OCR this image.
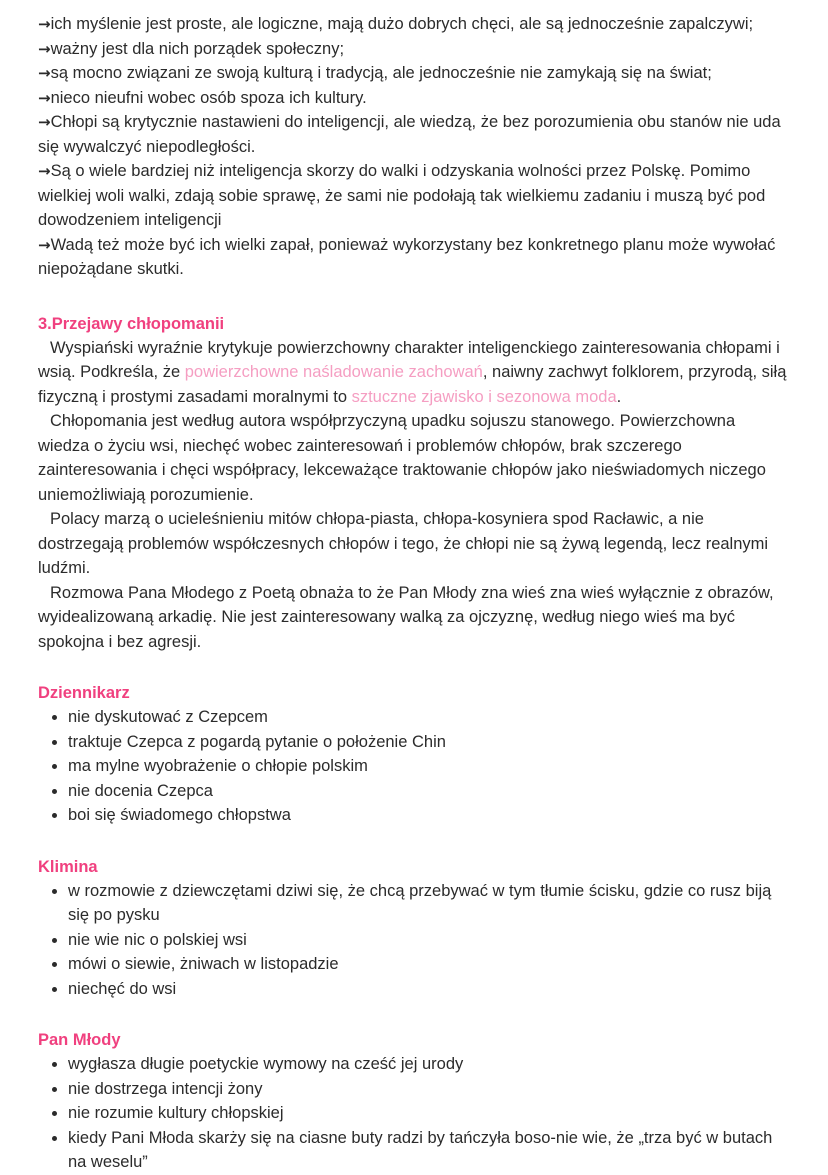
→ich myślenie jest proste, ale logiczne, mają dużo dobrych chęci, ale są jednocześnie zapalczywi;

→ważny jest dla nich porządek społeczny;

→są mocno związani ze swoją kulturą i tradycją, ale jednocześnie nie zamykają się na świat;

→nieco nieufni wobec osób spoza ich kultury.

→Chłopi są krytycznie nastawieni do inteligencji, ale wiedzą, że bez porozumienia obu stanów nie uda się wywalczyć niepodległości.

→Są o wiele bardziej niż inteligencja skorzy do walki i odzyskania wolności przez Polskę. Pomimo wielkiej woli walki, zdają sobie sprawę, że sami nie podołają tak wielkiemu zadaniu i muszą być pod dowodzeniem inteligencji

→Wadą też może być ich wielki zapał, ponieważ wykorzystany bez konkretnego planu może wywołać niepożądane skutki.

3.Przejawy chłopomanii

Wyspiański wyraźnie krytykuje powierzchowny charakter inteligenckiego zainteresowania chłopami i wsią. Podkreśla, że powierzchowne naśladowanie zachowań, naiwny zachwyt folklorem, przyrodą, siłą fizyczną i prostymi zasadami moralnymi to sztuczne zjawisko i sezonowa moda.

Chłopomania jest według autora współprzyczyną upadku sojuszu stanowego. Powierzchowna wiedza o życiu wsi, niechęć wobec zainteresowań i problemów chłopów, brak szczerego zainteresowania i chęci współpracy, lekceważące traktowanie chłopów jako nieświadomych niczego uniemożliwiają porozumienie.

Polacy marzą o ucieleśnieniu mitów chłopa-piasta, chłopa-kosyniera spod Racławic, a nie dostrzegają problemów współczesnych chłopów i tego, że chłopi nie są żywą legendą, lecz realnymi ludźmi.

Rozmowa Pana Młodego z Poetą obnaża to że Pan Młody zna wieś zna wieś wyłącznie z obrazów, wyidealizowaną arkadię. Nie jest zainteresowany walką za ojczyznę, według niego wieś ma być spokojna i bez agresji.

Dziennikarz
nie dyskutować z Czepcem
traktuje Czepca z pogardą pytanie o położenie Chin
ma mylne wyobrażenie o chłopie polskim
nie docenia Czepca
boi się świadomego chłopstwa
Klimina
w rozmowie z dziewczętami dziwi się, że chcą przebywać w tym tłumie ścisku, gdzie co rusz biją się po pysku
nie wie nic o polskiej wsi
mówi o siewie, żniwach w listopadzie
niechęć do wsi
Pan Młody
wygłasza długie poetyckie wymowy na cześć jej urody
nie dostrzega intencji żony
nie rozumie kultury chłopskiej
kiedy Pani Młoda skarży się na ciasne buty radzi by tańczyła boso-nie wie, że „trza być w butach na weselu”
